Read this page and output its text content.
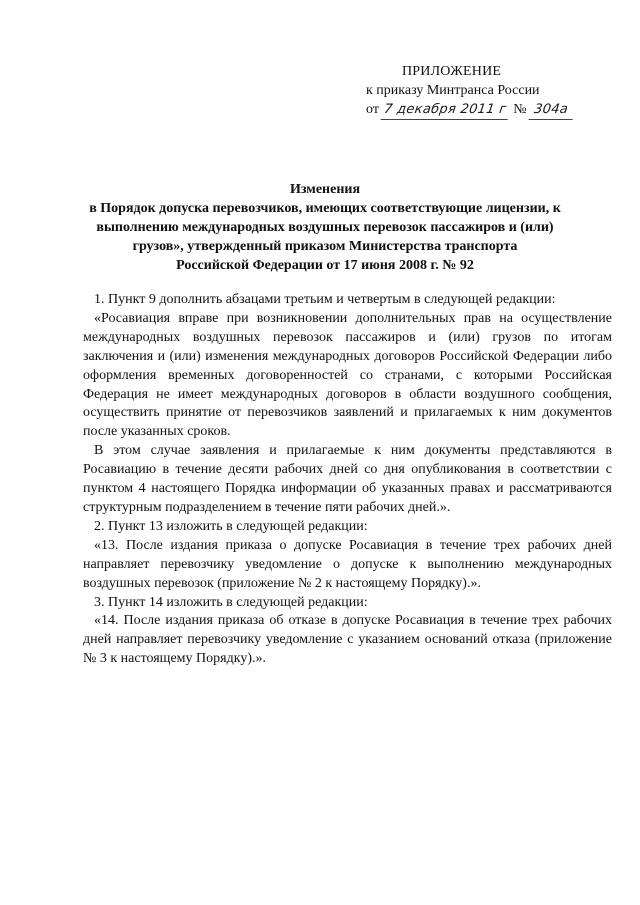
ПРИЛОЖЕНИЕ
к приказу Минтранса России
от 7 декабря 2011 г № 304а
Изменения
в Порядок допуска перевозчиков, имеющих соответствующие лицензии, к
выполнению международных воздушных перевозок пассажиров и (или)
грузов», утвержденный приказом Министерства транспорта
Российской Федерации от 17 июня 2008 г. № 92

1. Пункт 9 дополнить абзацами третьим и четвертым в следующей редакции:

«Росавиация вправе при возникновении дополнительных прав на осуществление международных воздушных перевозок пассажиров и (или) грузов по итогам заключения и (или) изменения международных договоров Российской Федерации либо оформления временных договоренностей со странами, с которыми Российская Федерация не имеет международных договоров в области воздушного сообщения, осуществить принятие от перевозчиков заявлений и прилагаемых к ним документов после указанных сроков.

В этом случае заявления и прилагаемые к ним документы представляются в Росавиацию в течение десяти рабочих дней со дня опубликования в соответствии с пунктом 4 настоящего Порядка информации об указанных правах и рассматриваются структурным подразделением в течение пяти рабочих дней.».

2. Пункт 13 изложить в следующей редакции:

«13. После издания приказа о допуске Росавиация в течение трех рабочих дней направляет перевозчику уведомление о допуске к выполнению международных воздушных перевозок (приложение № 2 к настоящему Порядку).».

3. Пункт 14 изложить в следующей редакции:

«14. После издания приказа об отказе в допуске Росавиация в течение трех рабочих дней направляет перевозчику уведомление с указанием оснований отказа (приложение № 3 к настоящему Порядку).».
